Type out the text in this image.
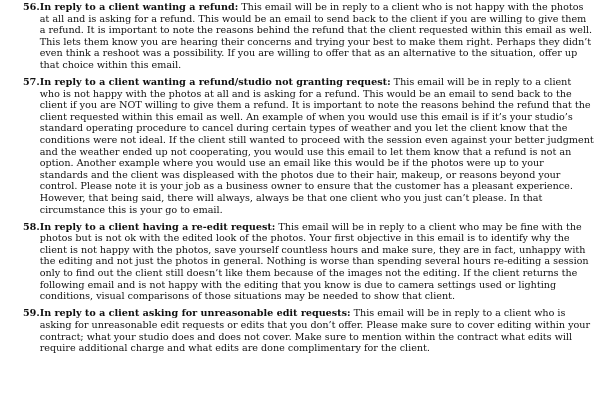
56. In reply to a client wanting a refund: This email will be in reply to a client who is not happy with the photos at all and is asking for a refund. This would be an email to send back to the client if you are willing to give them a refund. It is important to note the reasons behind the refund that the client requested within this email as well. This lets them know you are hearing their concerns and trying your best to make them right. Perhaps they didn’t even think a reshoot was a possibility. If you are willing to offer that as an alternative to the situation, offer up that choice within this email.
57. In reply to a client wanting a refund/studio not granting request: This email will be in reply to a client who is not happy with the photos at all and is asking for a refund. This would be an email to send back to the client if you are NOT willing to give them a refund. It is important to note the reasons behind the refund that the client requested within this email as well. An example of when you would use this email is if it’s your studio’s standard operating procedure to cancel during certain types of weather and you let the client know that the conditions were not ideal. If the client still wanted to proceed with the session even against your better judgment and the weather ended up not cooperating, you would use this email to let them know that a refund is not an option. Another example where you would use an email like this would be if the photos were up to your standards and the client was displeased with the photos due to their hair, makeup, or reasons beyond your control. Please note it is your job as a business owner to ensure that the customer has a pleasant experience. However, that being said, there will always, always be that one client who you just can’t please. In that circumstance this is your go to email.
58. In reply to a client having a re-edit request: This email will be in reply to a client who may be fine with the photos but is not ok with the edited look of the photos. Your first objective in this email is to identify why the client is not happy with the photos, save yourself countless hours and make sure, they are in fact, unhappy with the editing and not just the photos in general. Nothing is worse than spending several hours re-editing a session only to find out the client still doesn’t like them because of the images not the editing. If the client returns the following email and is not happy with the editing that you know is due to camera settings used or lighting conditions, visual comparisons of those situations may be needed to show that client.
59. In reply to a client asking for unreasonable edit requests: This email will be in reply to a client who is asking for unreasonable edit requests or edits that you don’t offer. Please make sure to cover editing within your contract; what your studio does and does not cover. Make sure to mention within the contract what edits will require additional charge and what edits are done complimentary for the client.
